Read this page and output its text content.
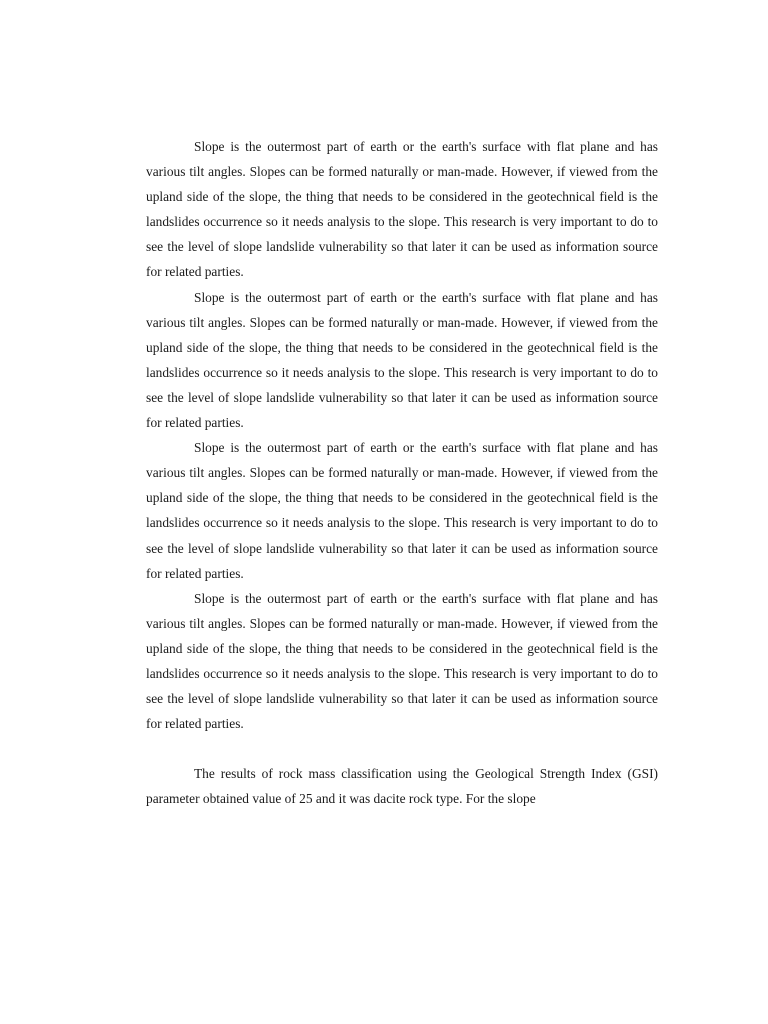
Slope is the outermost part of earth or the earth's surface with flat plane and has various tilt angles. Slopes can be formed naturally or man-made. However, if viewed from the upland side of the slope, the thing that needs to be considered in the geotechnical field is the landslides occurrence so it needs analysis to the slope. This research is very important to do to see the level of slope landslide vulnerability so that later it can be used as information source for related parties.

Slope is the outermost part of earth or the earth's surface with flat plane and has various tilt angles. Slopes can be formed naturally or man-made. However, if viewed from the upland side of the slope, the thing that needs to be considered in the geotechnical field is the landslides occurrence so it needs analysis to the slope. This research is very important to do to see the level of slope landslide vulnerability so that later it can be used as information source for related parties.

Slope is the outermost part of earth or the earth's surface with flat plane and has various tilt angles. Slopes can be formed naturally or man-made. However, if viewed from the upland side of the slope, the thing that needs to be considered in the geotechnical field is the landslides occurrence so it needs analysis to the slope. This research is very important to do to see the level of slope landslide vulnerability so that later it can be used as information source for related parties.

Slope is the outermost part of earth or the earth's surface with flat plane and has various tilt angles. Slopes can be formed naturally or man-made. However, if viewed from the upland side of the slope, the thing that needs to be considered in the geotechnical field is the landslides occurrence so it needs analysis to the slope. This research is very important to do to see the level of slope landslide vulnerability so that later it can be used as information source for related parties.

The results of rock mass classification using the Geological Strength Index (GSI) parameter obtained value of 25 and it was dacite rock type. For the slope
